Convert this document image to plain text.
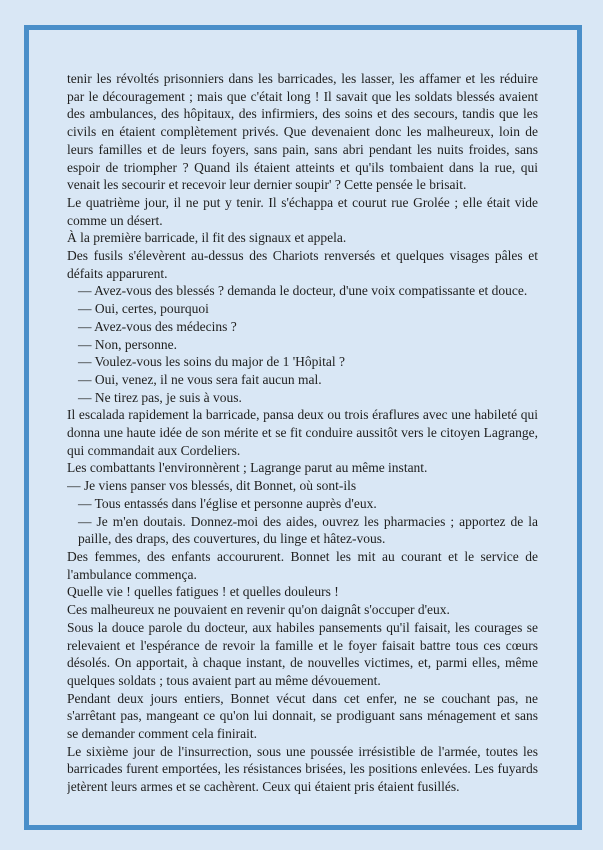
tenir les révoltés prisonniers dans les barricades, les lasser, les affamer et les réduire par le découragement ; mais que c'était long ! Il savait que les soldats blessés avaient des ambulances, des hôpitaux, des infirmiers, des soins et des secours, tandis que les civils en étaient complètement privés. Que devenaient donc les malheureux, loin de leurs familles et de leurs foyers, sans pain, sans abri pendant les nuits froides, sans espoir de triompher ? Quand ils étaient atteints et qu'ils tombaient dans la rue, qui venait les secourir et recevoir leur dernier soupir' ? Cette pensée le brisait.

Le quatrième jour, il ne put y tenir. Il s'échappa et courut rue Grolée ; elle était vide comme un désert.

À la première barricade, il fit des signaux et appela.

Des fusils s'élevèrent au-dessus des Chariots renversés et quelques visages pâles et défaits apparurent.

— Avez-vous des blessés ? demanda le docteur, d'une voix compatissante et douce.

— Oui, certes, pourquoi

— Avez-vous des médecins ?

— Non, personne.

— Voulez-vous les soins du major de 1 'Hôpital ?

— Oui, venez, il ne vous sera fait aucun mal.

— Ne tirez pas, je suis à vous.

Il escalada rapidement la barricade, pansa deux ou trois éraflures avec une habileté qui donna une haute idée de son mérite et se fit conduire aussitôt vers le citoyen Lagrange, qui commandait aux Cordeliers.

Les combattants l'environnèrent ; Lagrange parut au même instant.

— Je viens panser vos blessés, dit Bonnet, où sont-ils

— Tous entassés dans l'église et personne auprès d'eux.

— Je m'en doutais. Donnez-moi des aides, ouvrez les pharmacies ; apportez de la paille, des draps, des couvertures, du linge et hâtez-vous.

Des femmes, des enfants accoururent. Bonnet les mit au courant et le service de l'ambulance commença.

Quelle vie ! quelles fatigues ! et quelles douleurs !

Ces malheureux ne pouvaient en revenir qu'on daignât s'occuper d'eux.

Sous la douce parole du docteur, aux habiles pansements qu'il faisait, les courages se relevaient et l'espérance de revoir la famille et le foyer faisait battre tous ces cœurs désolés. On apportait, à chaque instant, de nouvelles victimes, et, parmi elles, même quelques soldats ; tous avaient part au même dévouement.

Pendant deux jours entiers, Bonnet vécut dans cet enfer, ne se couchant pas, ne s'arrêtant pas, mangeant ce qu'on lui donnait, se prodiguant sans ménagement et sans se demander comment cela finirait.

Le sixième jour de l'insurrection, sous une poussée irrésistible de l'armée, toutes les barricades furent emportées, les résistances brisées, les positions enlevées. Les fuyards jetèrent leurs armes et se cachèrent. Ceux qui étaient pris étaient fusillés.
